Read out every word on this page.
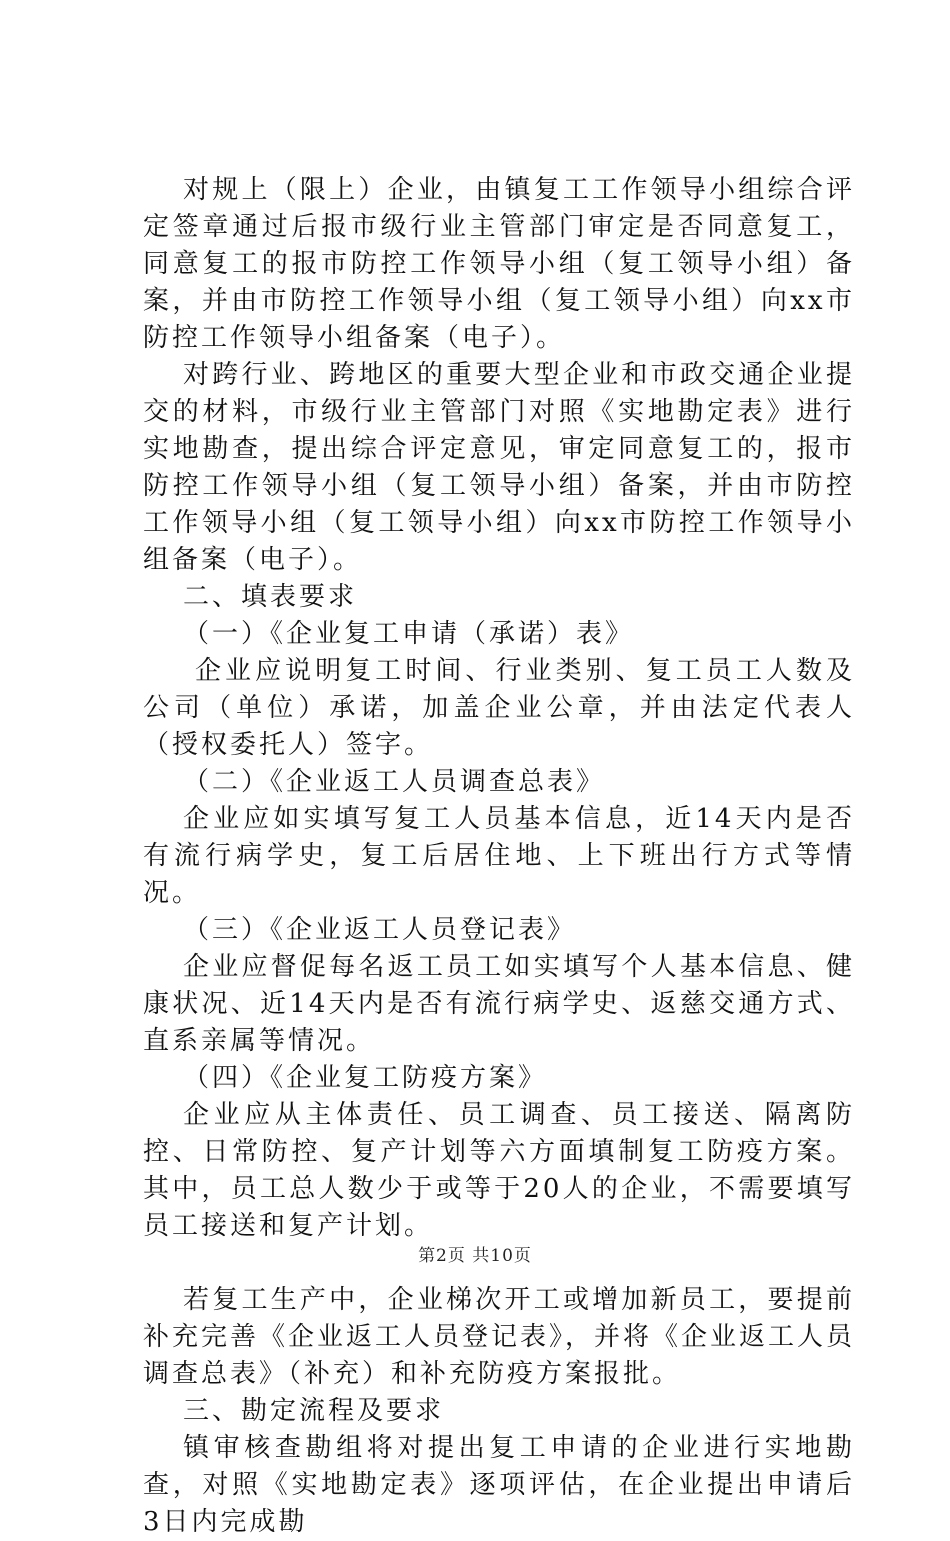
对规上（限上）企业，由镇复工工作领导小组综合评定签章通过后报市级行业主管部门审定是否同意复工，同意复工的报市防控工作领导小组（复工领导小组）备案，并由市防控工作领导小组（复工领导小组）向xx市防控工作领导小组备案（电子）。

对跨行业、跨地区的重要大型企业和市政交通企业提交的材料，市级行业主管部门对照《实地勘定表》进行实地勘查，提出综合评定意见，审定同意复工的，报市防控工作领导小组（复工领导小组）备案，并由市防控工作领导小组（复工领导小组）向xx市防控工作领导小组备案（电子）。

二、填表要求

（一）《企业复工申请（承诺）表》

企业应说明复工时间、行业类别、复工员工人数及公司（单位）承诺，加盖企业公章，并由法定代表人（授权委托人）签字。

（二）《企业返工人员调查总表》

企业应如实填写复工人员基本信息，近14天内是否有流行病学史，复工后居住地、上下班出行方式等情况。

（三）《企业返工人员登记表》

企业应督促每名返工员工如实填写个人基本信息、健康状况、近14天内是否有流行病学史、返慈交通方式、直系亲属等情况。

（四）《企业复工防疫方案》

企业应从主体责任、员工调查、员工接送、隔离防控、日常防控、复产计划等六方面填制复工防疫方案。其中，员工总人数少于或等于20人的企业，不需要填写员工接送和复产计划。

若复工生产中，企业梯次开工或增加新员工，要提前补充完善《企业返工人员登记表》，并将《企业返工人员调查总表》（补充）和补充防疫方案报批。

三、勘定流程及要求

镇审核查勘组将对提出复工申请的企业进行实地勘查，对照《实地勘定表》逐项评估，在企业提出申请后3日内完成勘

第2页 共10页
